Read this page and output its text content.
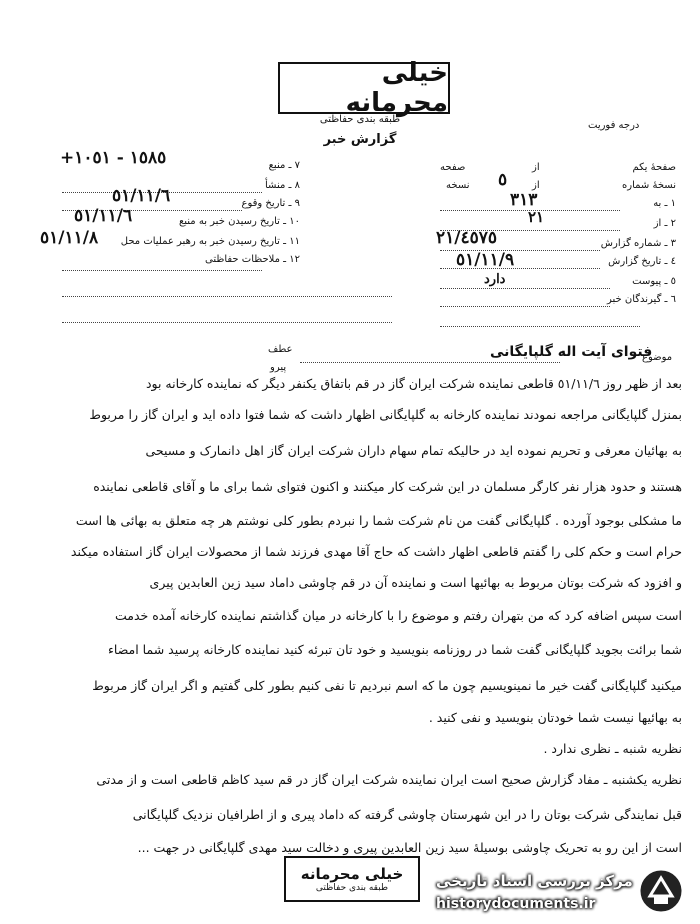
خیلی محرمانه
طبقه بندی حفاظتی
گزارش خبر
درجه فوریت
صفحهٔ یکم
از
صفحه
نسخهٔ شماره
از
نسخه ٥
١ ـ به
٣١٣
٢ ـ از
٢١
٣ ـ شماره گزارش
٢١/٤٥٧٥
٤ ـ تاریخ گزارش
٥١/١١/٩
دارد	٥ ـ پیوست
٦ ـ گیرندگان خبر
٧ ـ منبع
+١٥٨٥ - ١٠٥١
٨ ـ منشأ
٩ ـ تاریخ وقوع
٥١/١١/٦
١٠ ـ تاریخ رسیدن خبر به منبع
٥١/١١/٦
١١ ـ تاریخ رسیدن خبر به رهبر عملیات محل
٥١/١١/٨
١٢ ـ ملاحظات حفاظتی
موضوع
فتوای آیت اله گلپایگانی
عطف
پیرو
بعد از ظهر روز ٥١/١١/٦ قاطعی نماینده شرکت ایران گاز در قم باتفاق یکنفر دیگر که نماینده کارخانه بود
بمنزل گلپایگانی مراجعه نمودند نماینده کارخانه به گلپایگانی اظهار داشت که شما فتوا داده اید و ایران گاز را مربوط
به بهائیان معرفی و تحریم نموده اید در حالیکه تمام سهام داران شرکت ایران گاز اهل دانمارک و مسیحی
هستند و حدود هزار نفر کارگر مسلمان در این شرکت کار میکنند و اکنون فتوای شما برای ما و آقای قاطعی نماینده
ما مشکلی بوجود آورده . گلپایگانی گفت من نام شرکت شما را نبردم بطور کلی نوشتم هر چه متعلق به بهائی ها است
حرام است و حکم کلی را گفتم قاطعی اظهار داشت که حاج آقا مهدی فرزند شما از محصولات ایران گاز استفاده میکند
و افزود که شرکت بوتان مربوط به بهائیها است و نماینده آن در قم چاوشی داماد سید زین العابدین پیری
است سپس اضافه کرد که من بتهران رفتم و موضوع را با کارخانه در میان گذاشتم نماینده کارخانه آمده خدمت
شما برائت بجوید گلپایگانی گفت شما در روزنامه بنویسید و خود تان تبرئه کنید نماینده کارخانه پرسید شما امضاء
میکنید گلپایگانی گفت خیر ما نمینویسیم چون ما که اسم نبردیم تا نفی کنیم بطور کلی گفتیم و اگر ایران گاز مربوط
به بهائیها نیست شما خودتان بنویسید و نفی کنید .
نظریه شنبه ـ نظری ندارد .
نظریه یکشنبه ـ مفاد گزارش صحیح است ایران نماینده شرکت ایران گاز در قم سید کاظم قاطعی است و از مدتی
قبل نمایندگی شرکت بوتان را در این شهرستان چاوشی گرفته که داماد پیری و از اطرافیان نزدیک گلپایگانی
است از این رو به تحریک چاوشی بوسیلهٔ سید زین العابدین پیری و دخالت سید مهدی گلپایگانی در جهت ...
خیلی محرمانه
طبقه بندی حفاظتی	مرکز بررسی اسناد تاریخی
historydocuments.ir
